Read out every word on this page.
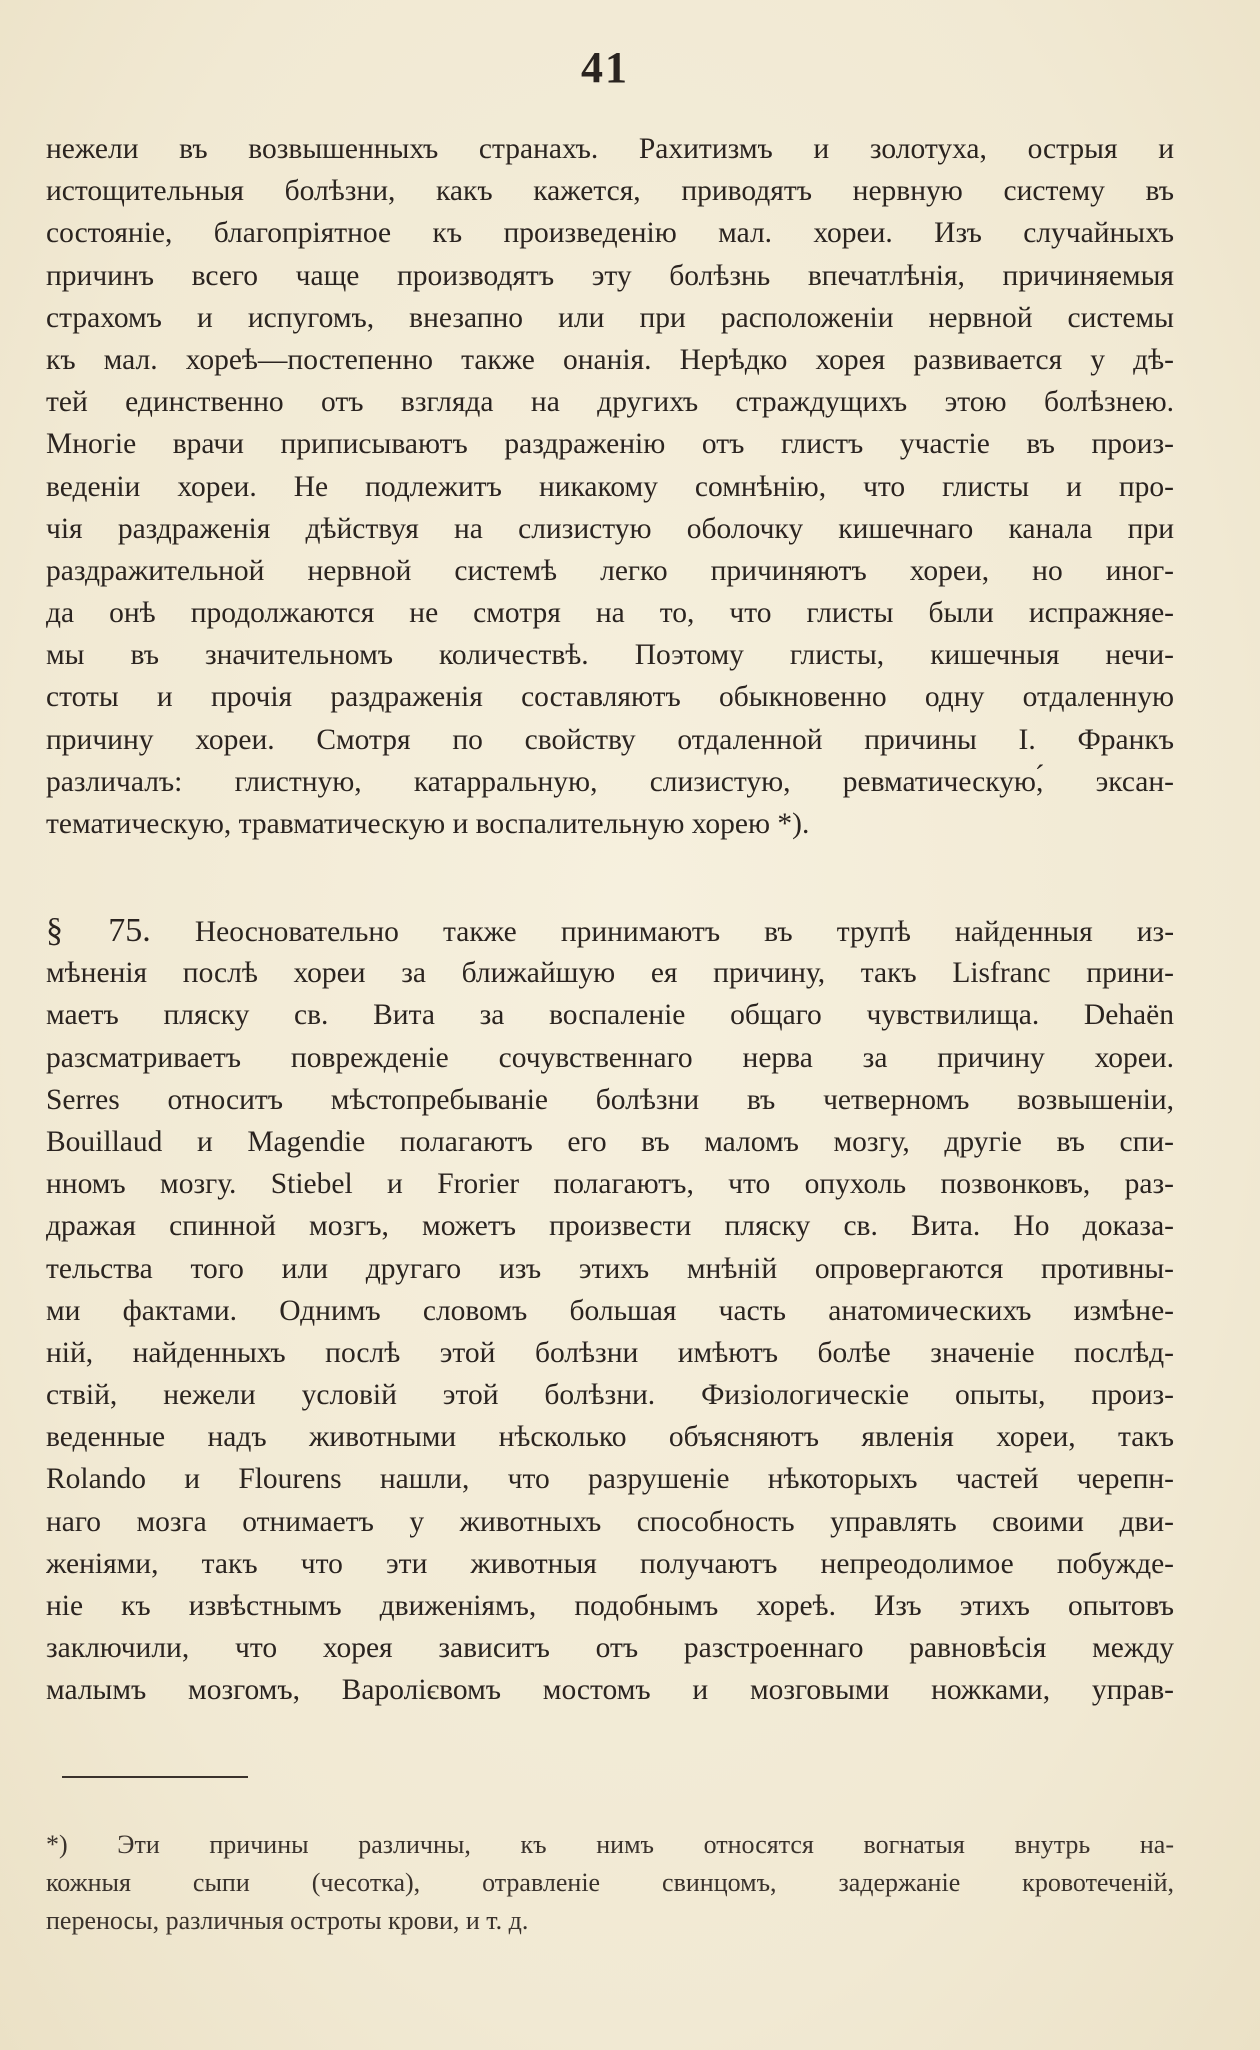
41
нежели въ возвышенныхъ странахъ. Рахитизмъ и золотуха, острыя и
истощительныя болѣзни, какъ кажется, приводятъ нервную систему въ
состояніе, благопріятное къ произведенію мал. хореи. Изъ случайныхъ
причинъ всего чаще производятъ эту болѣзнь впечатлѣнія, причиняемыя
страхомъ и испугомъ, внезапно или при расположеніи нервной системы
къ мал. хореѣ—постепенно также онанія. Нерѣдко хорея развивается у дѣ-
тей единственно отъ взгляда на другихъ страждущихъ этою болѣзнею.
Многіе врачи приписываютъ раздраженію отъ глистъ участіе въ произ-
веденіи хореи. Не подлежитъ никакому сомнѣнію, что глисты и про-
чія раздраженія дѣйствуя на слизистую оболочку кишечнаго канала при
раздражительной нервной системѣ легко причиняютъ хореи, но иног-
да онѣ продолжаются не смотря на то, что глисты были испражняе-
мы въ значительномъ количествѣ. Поэтому глисты, кишечныя нечи-
стоты и прочія раздраженія составляютъ обыкновенно одну отдаленную
причину хореи. Смотря по свойству отдаленной причины І. Франкъ
различалъ: глистную, катарральную, слизистую, ревматическую,́ эксан-
тематическую, травматическую и воспалительную хорею *).
§ 75. Неосновательно также принимаютъ въ трупѣ найденныя из-
мѣненія послѣ хореи за ближайшую ея причину, такъ Lisfranc прини-
маетъ пляску св. Вита за воспаленіе общаго чувствилища. Dehaën
разсматриваетъ поврежденіе сочувственнаго нерва за причину хореи.
Serres относитъ мѣстопребываніе болѣзни въ четверномъ возвышеніи,
Bouillaud и Magendie полагаютъ его въ маломъ мозгу, другіе въ спи-
нномъ мозгу. Stiebel и Frorier полагаютъ, что опухоль позвонковъ, раз-
дражая спинной мозгъ, можетъ произвести пляску св. Вита. Но доказа-
тельства того или другаго изъ этихъ мнѣній опровергаются противны-
ми фактами. Однимъ словомъ большая часть анатомическихъ измѣне-
ній, найденныхъ послѣ этой болѣзни имѣютъ болѣе значеніе послѣд-
ствій, нежели условій этой болѣзни. Физіологическіе опыты, произ-
веденные надъ животными нѣсколько объясняютъ явленія хореи, такъ
Rolando и Flourens нашли, что разрушеніе нѣкоторыхъ частей черепн-
наго мозга отнимаетъ у животныхъ способность управлять своими дви-
женіями, такъ что эти животныя получаютъ непреодолимое побужде-
ніе къ извѣстнымъ движеніямъ, подобнымъ хореѣ. Изъ этихъ опытовъ
заключили, что хорея зависитъ отъ разстроеннаго равновѣсія между
малымъ мозгомъ, Варолієвомъ мостомъ и мозговыми ножками, управ-
*) Эти причины различны, къ нимъ относятся вогнатыя внутрь на-
кожныя сыпи (чесотка), отравленіе свинцомъ, задержаніе кровотеченій,
переносы, различныя остроты крови, и т. д.
